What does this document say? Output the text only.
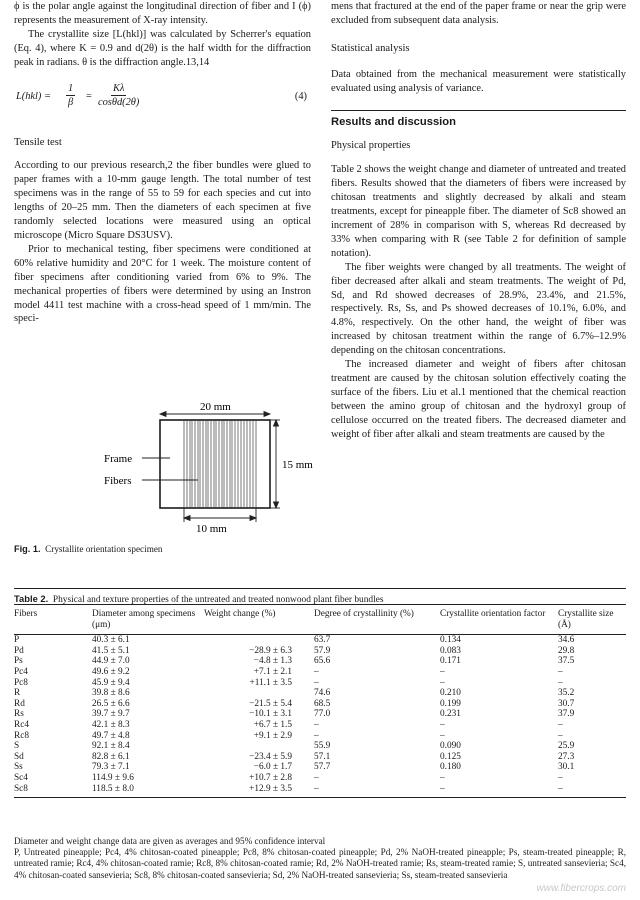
ϕ is the polar angle against the longitudinal direction of fiber and I (ϕ) represents the measurement of X-ray intensity.

The crystallite size [L(hkl)] was calculated by Scherrer's equation (Eq. 4), where K = 0.9 and d(2θ) is the half width for the diffraction peak in radians. θ is the diffraction angle.13,14

$L(hkl) = \frac{1}{\beta} = \frac{K\lambda}{\cos\theta d(2\theta)}$	(4)

Tensile test

According to our previous research,2 the fiber bundles were glued to paper frames with a 10-mm gauge length. The total number of test specimens was in the range of 55 to 59 for each species and cut into lengths of 20–25 mm. Then the diameters of each specimen at five randomly selected locations were measured using an optical microscope (Micro Square DS3USV).

Prior to mechanical testing, fiber specimens were conditioned at 60% relative humidity and 20°C for 1 week. The moisture content of fiber specimens after conditioning varied from 6% to 9%. The mechanical properties of fibers were determined by using an Instron model 4411 test machine with a cross-head speed of 1 mm/min. The speci-

20 mm
15 mm
10 mm
Frame
Fibers
Fig. 1. Crystallite orientation specimen

mens that fractured at the end of the paper frame or near the grip were excluded from subsequent data analysis.

Statistical analysis

Data obtained from the mechanical measurement were statistically evaluated using analysis of variance.

Results and discussion

Physical properties

Table 2 shows the weight change and diameter of untreated and treated fibers. Results showed that the diameters of fibers were increased by chitosan treatments and slightly decreased by alkali and steam treatments, except for pineapple fiber. The diameter of Sc8 showed an increment of 28% in comparison with S, whereas Rd decreased by 33% when comparing with R (see Table 2 for definition of sample notation).

The fiber weights were changed by all treatments. The weight of fiber decreased after alkali and steam treatments. The weight of Pd, Sd, and Rd showed decreases of 28.9%, 23.4%, and 21.5%, respectively. Rs, Ss, and Ps showed decreases of 10.1%, 6.0%, and 4.8%, respectively. On the other hand, the weight of fiber was increased by chitosan treatment within the range of 6.7%–12.9% depending on the chitosan concentrations.

The increased diameter and weight of fibers after chitosan treatment are caused by the chitosan solution effectively coating the surface of the fibers. Liu et al.1 mentioned that the chemical reaction between the amino group of chitosan and the hydroxyl group of cellulose occurred on the treated fibers. The decreased diameter and weight of fiber after alkali and steam treatments are caused by the

Table 2. Physical and texture properties of the untreated and treated nonwood plant fiber bundles
Fibers	Diameter among specimens (μm)	Weight change (%)	Degree of crystallinity (%)	Crystallite orientation factor	Crystallite size (Å)
P	40.3 ± 6.1		63.7	0.134	34.6
Pd	41.5 ± 5.1	−28.9 ± 6.3	57.9	0.083	29.8
Ps	44.9 ± 7.0	−4.8 ± 1.3	65.6	0.171	37.5
Pc4	49.6 ± 9.2	+7.1 ± 2.1	–	–	–
Pc8	45.9 ± 9.4	+11.1 ± 3.5	–	–	–
R	39.8 ± 8.6		74.6	0.210	35.2
Rd	26.5 ± 6.6	−21.5 ± 5.4	68.5	0.199	30.7
Rs	39.7 ± 9.7	−10.1 ± 3.1	77.0	0.231	37.9
Rc4	42.1 ± 8.3	+6.7 ± 1.5	–	–	–
Rc8	49.7 ± 4.8	+9.1 ± 2.9	–	–	–
S	92.1 ± 8.4		55.9	0.090	25.9
Sd	82.8 ± 6.1	−23.4 ± 5.9	57.1	0.125	27.3
Ss	79.3 ± 7.1	−6.0 ± 1.7	57.7	0.180	30.1
Sc4	114.9 ± 9.6	+10.7 ± 2.8	–	–	–
Sc8	118.5 ± 8.0	+12.9 ± 3.5	–	–	–

Diameter and weight change data are given as averages and 95% confidence interval

P, Untreated pineapple; Pc4, 4% chitosan-coated pineapple; Pc8, 8% chitosan-coated pineapple; Pd, 2% NaOH-treated pineapple; Ps, steam-treated pineapple; R, untreated ramie; Rc4, 4% chitosan-coated ramie; Rc8, 8% chitosan-coated ramie; Rd, 2% NaOH-treated ramie; Rs, steam-treated ramie; S, untreated sansevieria; Sc4, 4% chitosan-coated sansevieria; Sc8, 8% chitosan-coated sansevieria; Sd, 2% NaOH-treated sansevieria; Ss, steam-treated sansevieria

www.fibercrops.com
